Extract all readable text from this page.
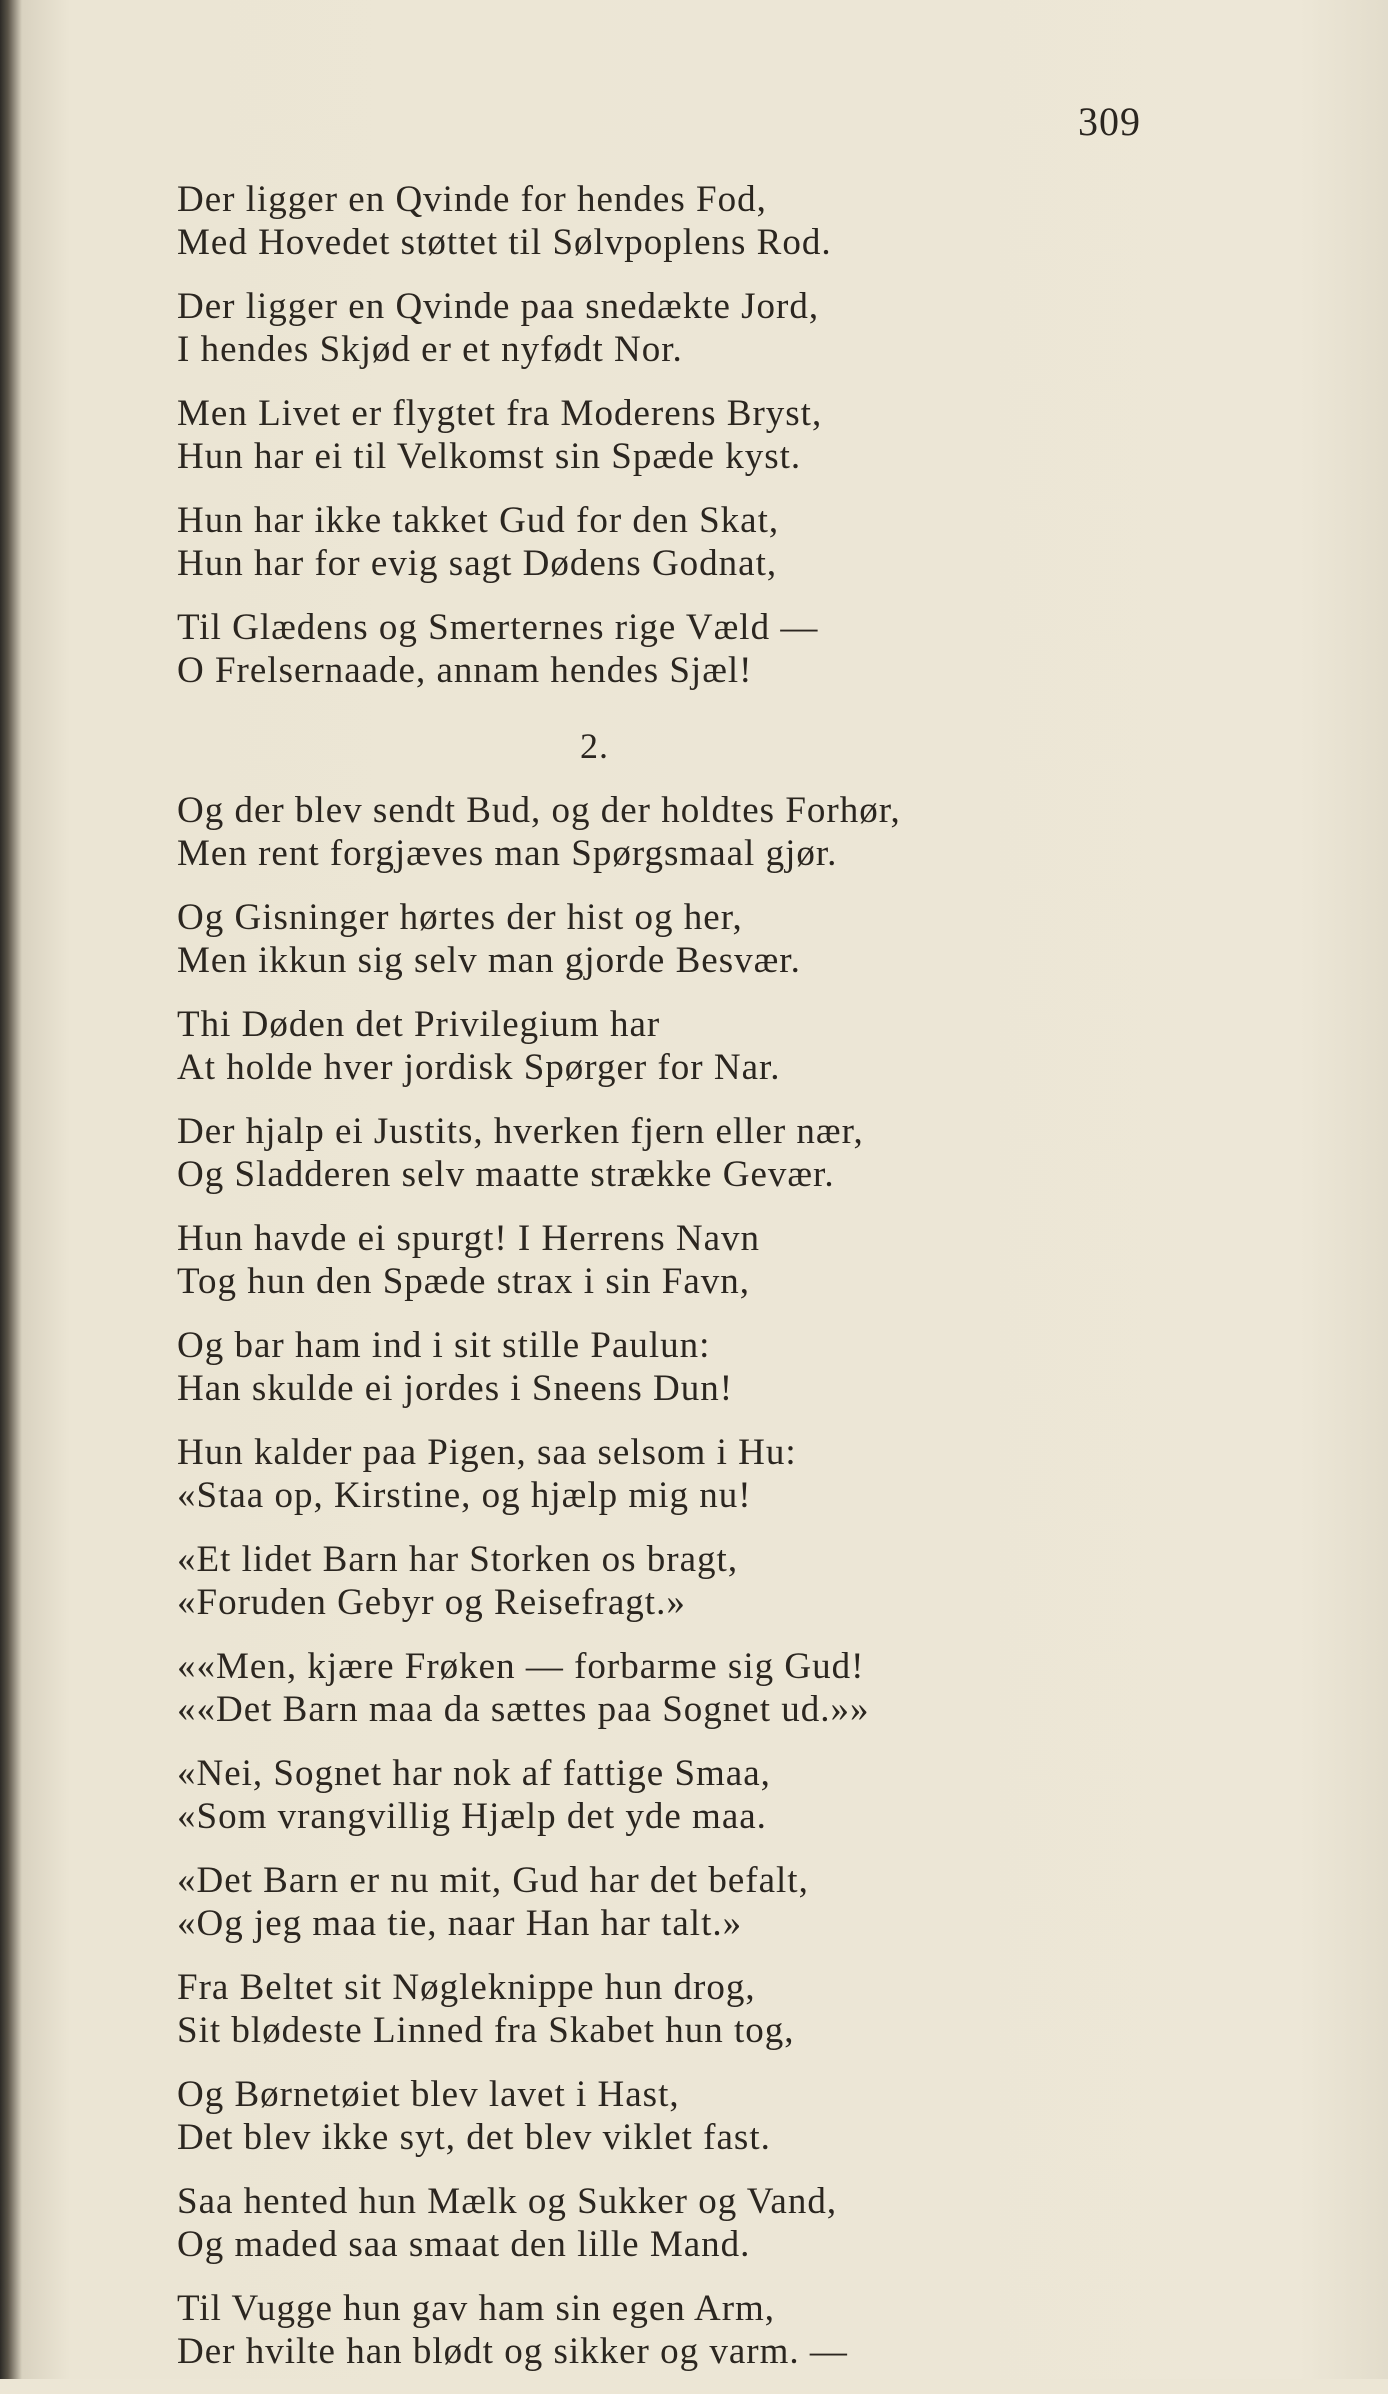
309
Der ligger en Qvinde for hendes Fod,
Med Hovedet støttet til Sølvpoplens Rod.
Der ligger en Qvinde paa snedækte Jord,
I hendes Skjød er et nyfødt Nor.
Men Livet er flygtet fra Moderens Bryst,
Hun har ei til Velkomst sin Spæde kyst.
Hun har ikke takket Gud for den Skat,
Hun har for evig sagt Dødens Godnat,
Til Glædens og Smerternes rige Væld —
O Frelsernaade, annam hendes Sjæl!
2.
Og der blev sendt Bud, og der holdtes Forhør,
Men rent forgjæves man Spørgsmaal gjør.
Og Gisninger hørtes der hist og her,
Men ikkun sig selv man gjorde Besvær.
Thi Døden det Privilegium har
At holde hver jordisk Spørger for Nar.
Der hjalp ei Justits, hverken fjern eller nær,
Og Sladderen selv maatte strække Gevær.
Hun havde ei spurgt! I Herrens Navn
Tog hun den Spæde strax i sin Favn,
Og bar ham ind i sit stille Paulun:
Han skulde ei jordes i Sneens Dun!
Hun kalder paa Pigen, saa selsom i Hu:
«Staa op, Kirstine, og hjælp mig nu!
«Et lidet Barn har Storken os bragt,
«Foruden Gebyr og Reisefragt.»
««Men, kjære Frøken — forbarme sig Gud!
««Det Barn maa da sættes paa Sognet ud.»»
«Nei, Sognet har nok af fattige Smaa,
«Som vrangvillig Hjælp det yde maa.
«Det Barn er nu mit, Gud har det befalt,
«Og jeg maa tie, naar Han har talt.»
Fra Beltet sit Nøgleknippe hun drog,
Sit blødeste Linned fra Skabet hun tog,
Og Børnetøiet blev lavet i Hast,
Det blev ikke syt, det blev viklet fast.
Saa hented hun Mælk og Sukker og Vand,
Og maded saa smaat den lille Mand.
Til Vugge hun gav ham sin egen Arm,
Der hvilte han blødt og sikker og varm. —
